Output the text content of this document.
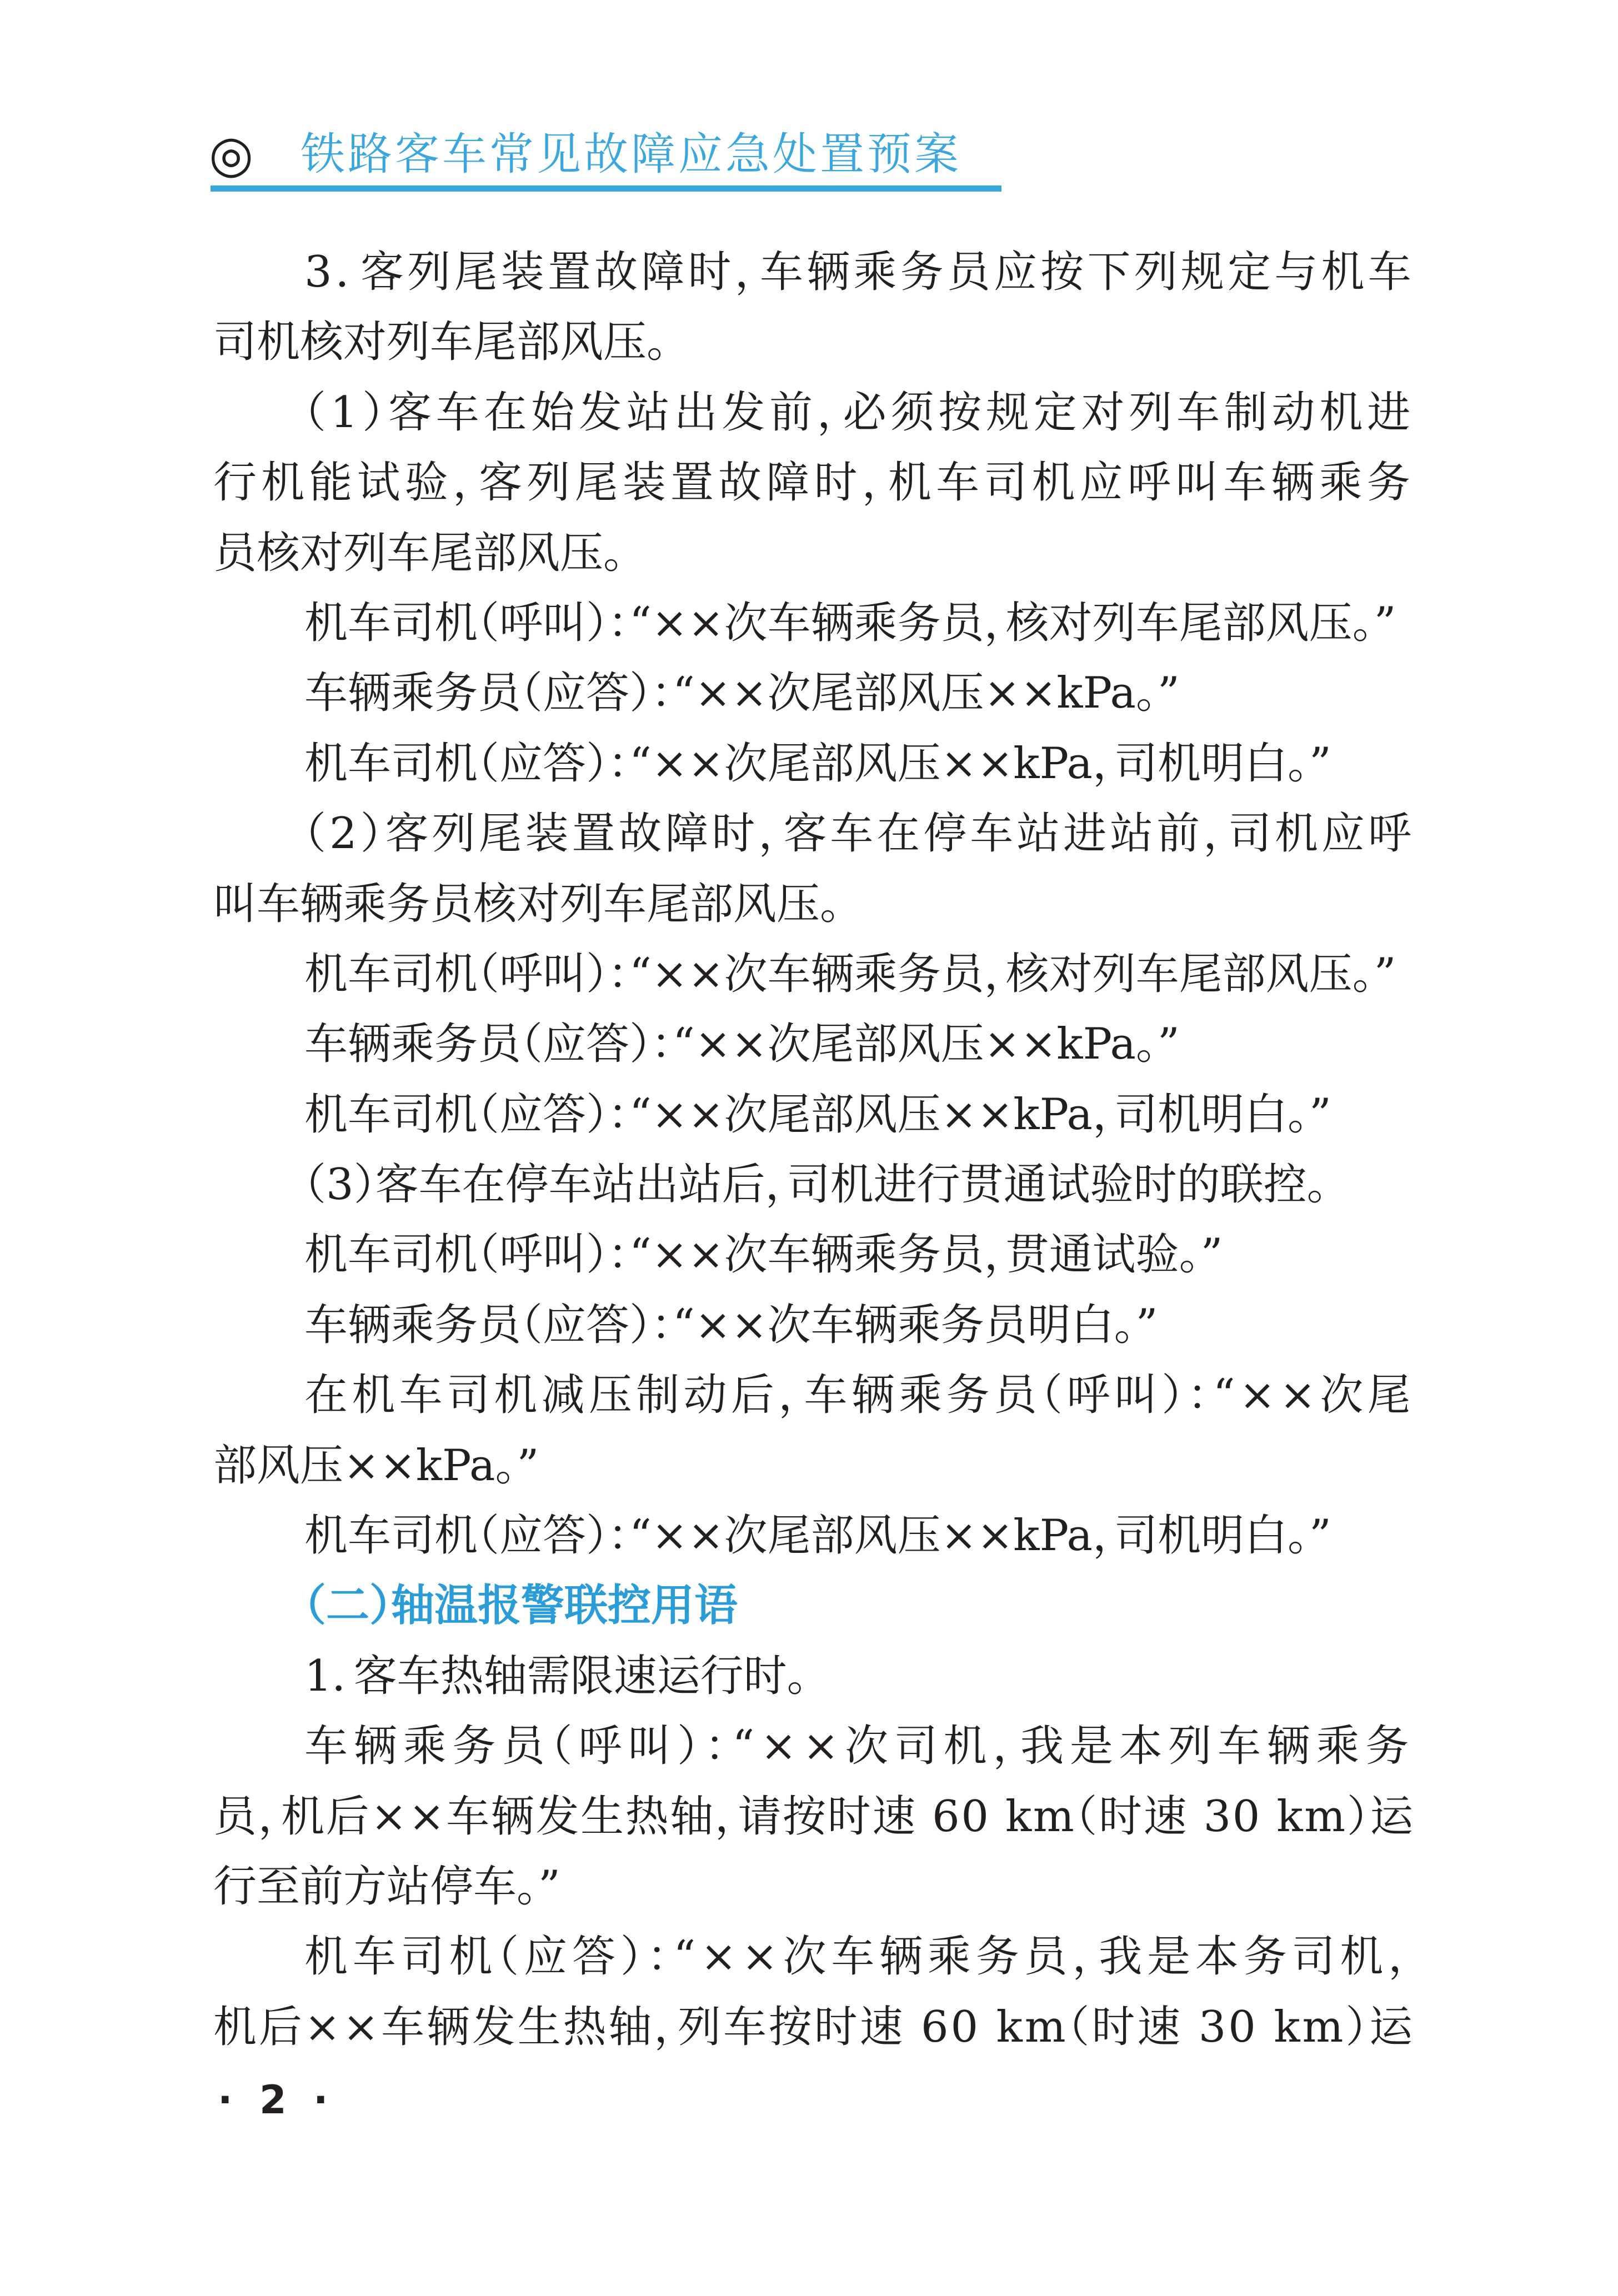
◎ 铁路客车常见故障应急处置预案
3．客列尾装置故障时，车辆乘务员应按下列规定与机车
司机核对列车尾部风压。
（1）客车在始发站出发前，必须按规定对列车制动机进
行机能试验，客列尾装置故障时，机车司机应呼叫车辆乘务
员核对列车尾部风压。
机车司机（呼叫）：“××次车辆乘务员，核对列车尾部风压。”
车辆乘务员（应答）：“××次尾部风压××kPa。”
机车司机（应答）：“××次尾部风压××kPa，司机明白。”
（2）客列尾装置故障时，客车在停车站进站前，司机应呼
叫车辆乘务员核对列车尾部风压。
机车司机（呼叫）：“××次车辆乘务员，核对列车尾部风压。”
车辆乘务员（应答）：“××次尾部风压××kPa。”
机车司机（应答）：“××次尾部风压××kPa，司机明白。”
（3）客车在停车站出站后，司机进行贯通试验时的联控。
机车司机（呼叫）：“××次车辆乘务员，贯通试验。”
车辆乘务员（应答）：“××次车辆乘务员明白。”
在机车司机减压制动后，车辆乘务员（呼叫）：“××次尾
部风压××kPa。”
机车司机（应答）：“××次尾部风压××kPa，司机明白。”
（二）轴温报警联控用语
1．客车热轴需限速运行时。
车辆乘务员（呼叫）：“××次司机，我是本列车辆乘务
员，机后××车辆发生热轴，请按时速 60 km（时速 30 km）运
行至前方站停车。”
机车司机（应答）：“××次车辆乘务员，我是本务司机，
机后××车辆发生热轴，列车按时速 60 km（时速 30 km）运
· 2 ·
